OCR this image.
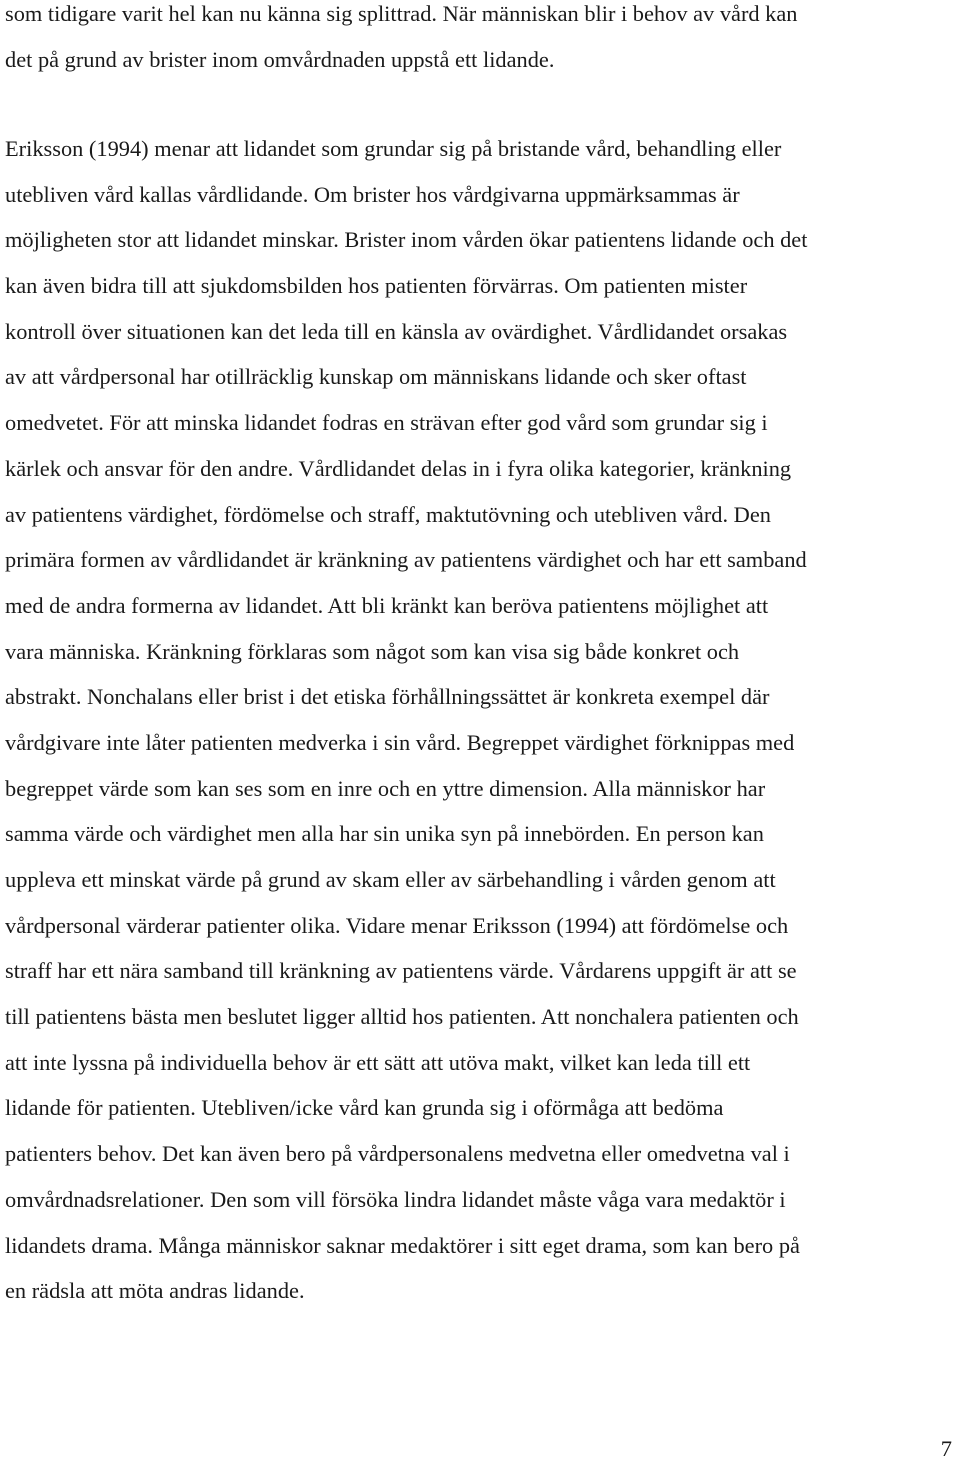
som tidigare varit hel kan nu känna sig splittrad. När människan blir i behov av vård kan
det på grund av brister inom omvårdnaden uppstå ett lidande.

Eriksson (1994) menar att lidandet som grundar sig på bristande vård, behandling eller
utebliven vård kallas vårdlidande. Om brister hos vårdgivarna uppmärksammas är
möjligheten stor att lidandet minskar. Brister inom vården ökar patientens lidande och det
kan även bidra till att sjukdomsbilden hos patienten förvärras. Om patienten mister
kontroll över situationen kan det leda till en känsla av ovärdighet. Vårdlidandet orsakas
av att vårdpersonal har otillräcklig kunskap om människans lidande och sker oftast
omedvetet. För att minska lidandet fodras en strävan efter god vård som grundar sig i
kärlek och ansvar för den andre. Vårdlidandet delas in i fyra olika kategorier, kränkning
av patientens värdighet, fördömelse och straff, maktutövning och utebliven vård. Den
primära formen av vårdlidandet är kränkning av patientens värdighet och har ett samband
med de andra formerna av lidandet. Att bli kränkt kan beröva patientens möjlighet att
vara människa. Kränkning förklaras som något som kan visa sig både konkret och
abstrakt. Nonchalans eller brist i det etiska förhållningssättet är konkreta exempel där
vårdgivare inte låter patienten medverka i sin vård. Begreppet värdighet förknippas med
begreppet värde som kan ses som en inre och en yttre dimension. Alla människor har
samma värde och värdighet men alla har sin unika syn på innebörden. En person kan
uppleva ett minskat värde på grund av skam eller av särbehandling i vården genom att
vårdpersonal värderar patienter olika. Vidare menar Eriksson (1994) att fördömelse och
straff har ett nära samband till kränkning av patientens värde. Vårdarens uppgift är att se
till patientens bästa men beslutet ligger alltid hos patienten. Att nonchalera patienten och
att inte lyssna på individuella behov är ett sätt att utöva makt, vilket kan leda till ett
lidande för patienten. Utebliven/icke vård kan grunda sig i oförmåga att bedöma
patienters behov. Det kan även bero på vårdpersonalens medvetna eller omedvetna val i
omvårdnadsrelationer. Den som vill försöka lindra lidandet måste våga vara medaktör i
lidandets drama. Många människor saknar medaktörer i sitt eget drama, som kan bero på
en rädsla att möta andras lidande.

7
